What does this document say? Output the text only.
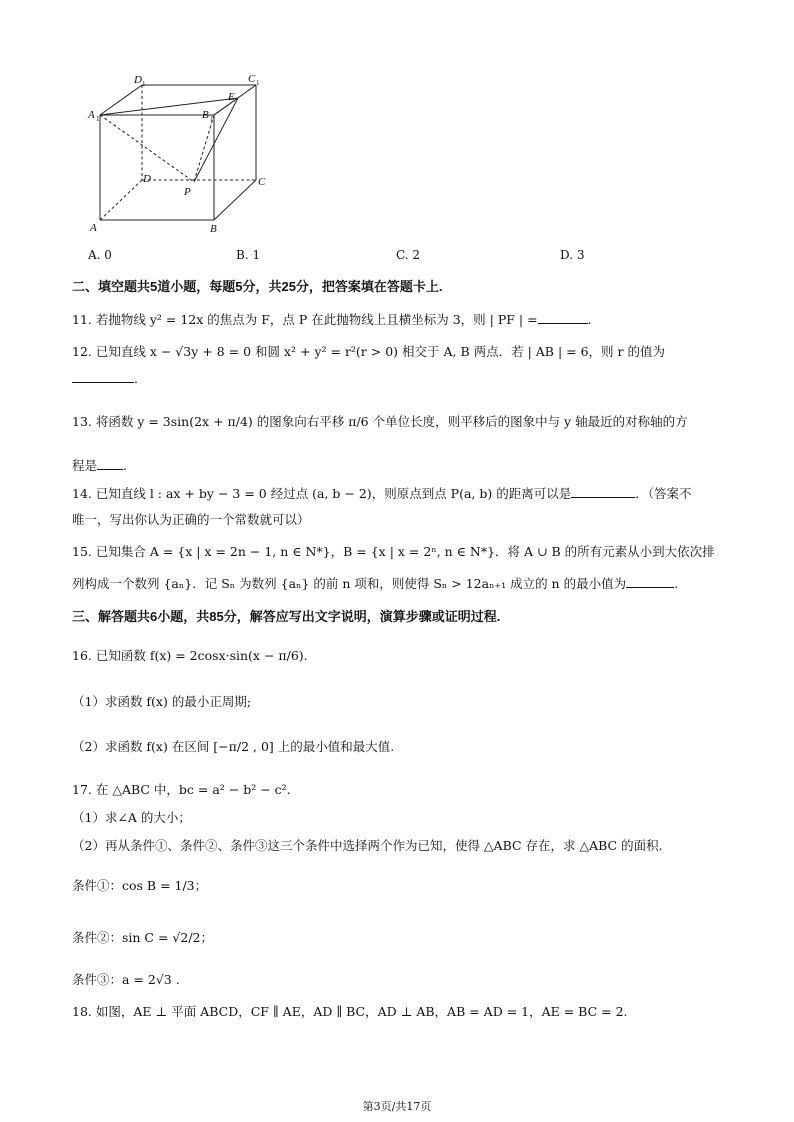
A 1
D 1	C 1
E
B 1
D	C
P
A	B
A. 0	B. 1	C. 2	D. 3
二、填空题共5道小题，每题5分，共25分，把答案填在答题卡上.
11. 若抛物线 y² = 12x 的焦点为 F，点 P 在此抛物线上且横坐标为 3，则 | PF | =	.
12. 已知直线 x − √3y + 8 = 0 和圆 x² + y² = r²(r > 0) 相交于 A, B 两点．若 | AB | = 6，则 r 的值为
.
13. 将函数 y = 3sin(2x + π/4) 的图象向右平移 π/6 个单位长度，则平移后的图象中与 y 轴最近的对称轴的方
程是 .
14. 已知直线 l : ax + by − 3 = 0 经过点 (a, b − 2)，则原点到点 P(a, b) 的距离可以是	．（答案不
唯一，写出你认为正确的一个常数就可以）
15. 已知集合 A = {x | x = 2n − 1, n ∈ N*}，B = {x | x = 2ⁿ, n ∈ N*}．将 A ∪ B 的所有元素从小到大依次排
列构成一个数列 {aₙ}．记 Sₙ 为数列 {aₙ} 的前 n 项和，则使得 Sₙ > 12aₙ₊₁ 成立的 n 的最小值为	.
三、解答题共6小题，共85分，解答应写出文字说明，演算步骤或证明过程.
16. 已知函数 f(x) = 2cosx·sin(x − π/6).
（1）求函数 f(x) 的最小正周期;
（2）求函数 f(x) 在区间 [−π/2 , 0] 上的最小值和最大值.
17. 在 △ABC 中，bc = a² − b² − c².
（1）求∠A 的大小；
（2）再从条件①、条件②、条件③这三个条件中选择两个作为已知，使得 △ABC 存在，求 △ABC 的面积.
条件①：cos B = 1/3；
条件②：sin C = √2/2；
条件③：a = 2√3 .
18. 如图，AE ⊥ 平面 ABCD，CF ∥ AE，AD ∥ BC，AD ⊥ AB，AB = AD = 1，AE = BC = 2.
第3页/共17页
